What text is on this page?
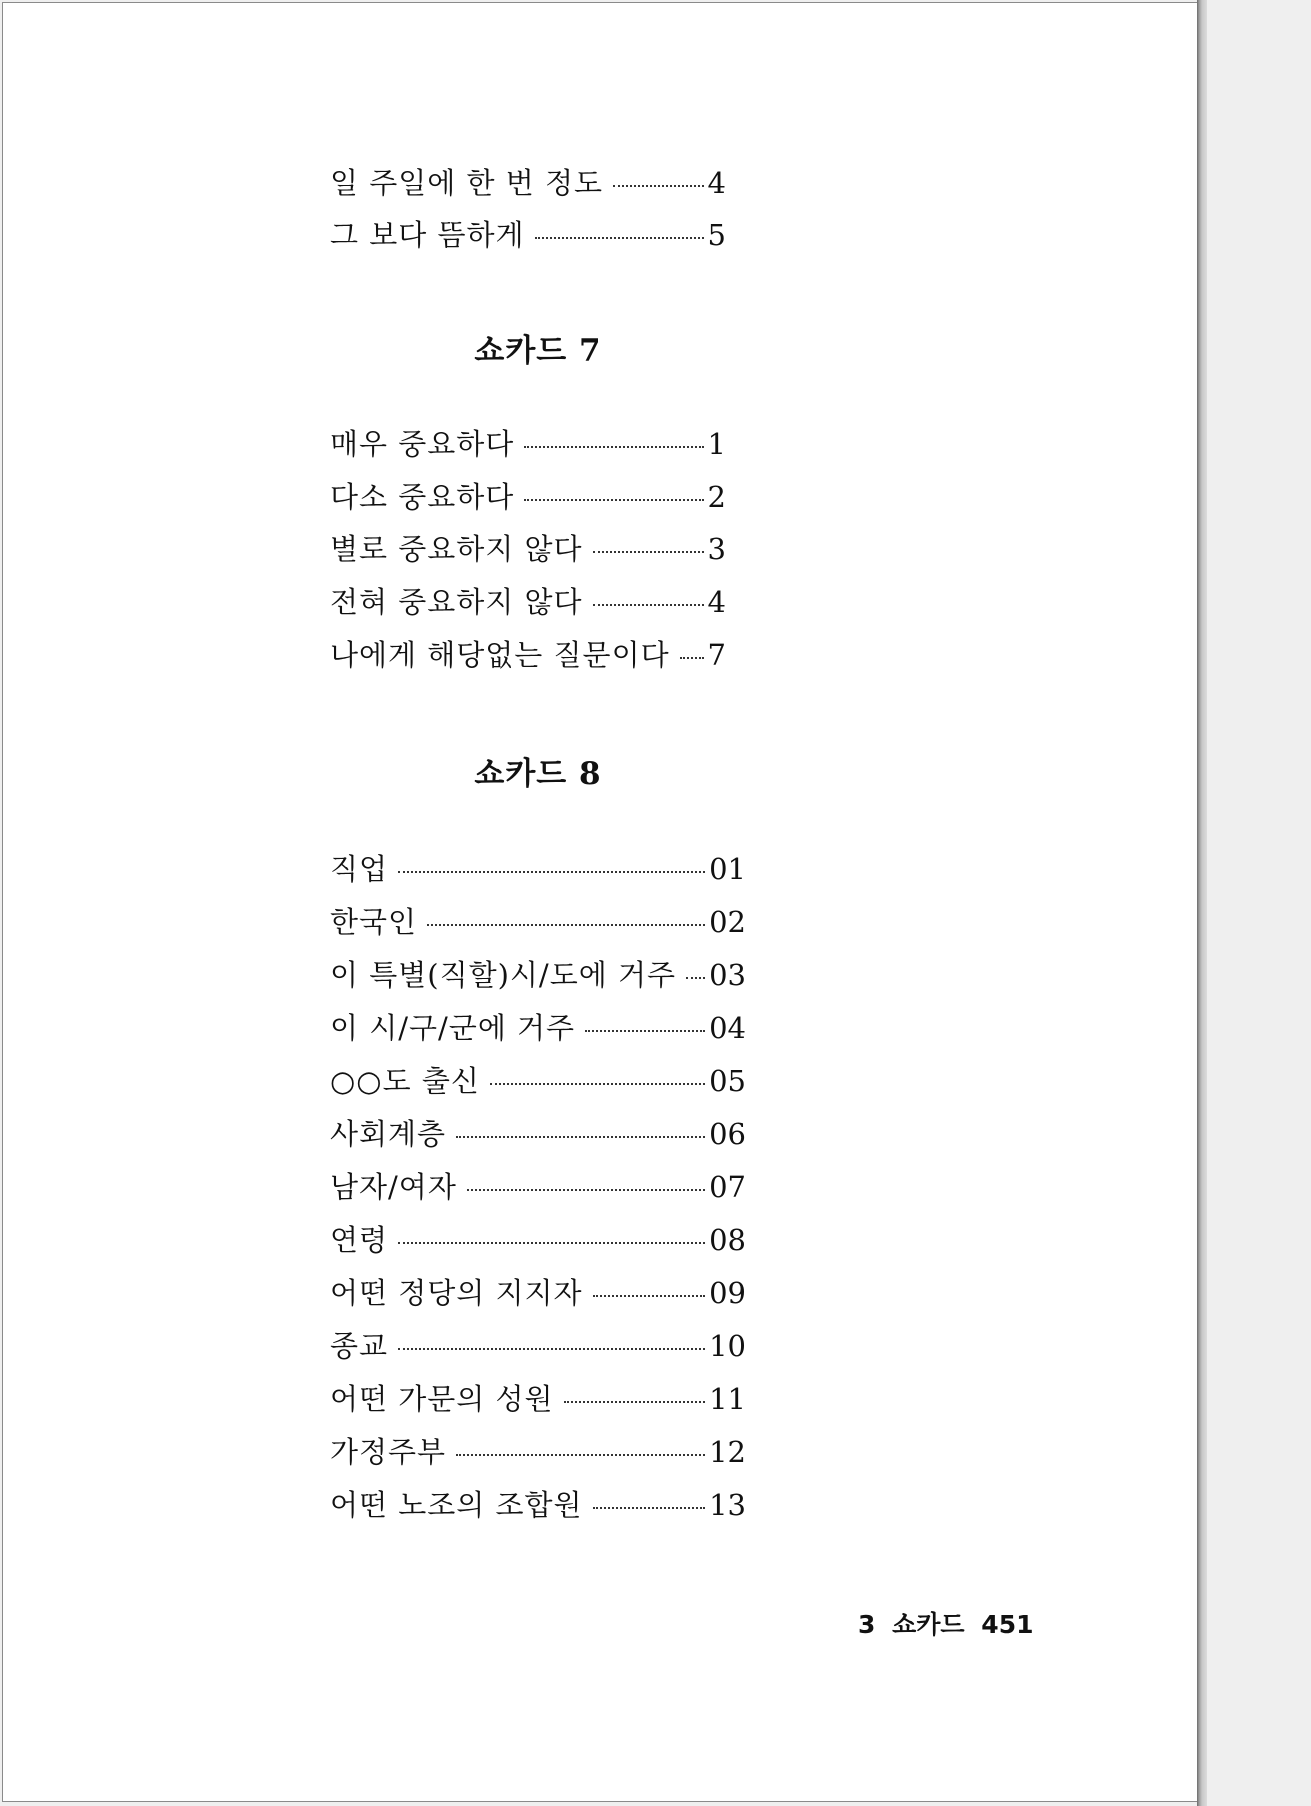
일 주일에 한 번 정도	4
그 보다 뜸하게	5
쇼카드 7
매우 중요하다	1
다소 중요하다	2
별로 중요하지 않다	3
전혀 중요하지 않다	4
나에게 해당없는 질문이다 7
쇼카드 8
직업	01
한국인	02
이 특별(직할)시/도에 거주 03
이 시/구/군에 거주	04
○○도 출신	05
사회계층	06
남자/여자	07
연령	08
어떤 정당의 지지자	09
종교	10
어떤 가문의 성원	11
가정주부	12
어떤 노조의 조합원	13
3 쇼카드 451
